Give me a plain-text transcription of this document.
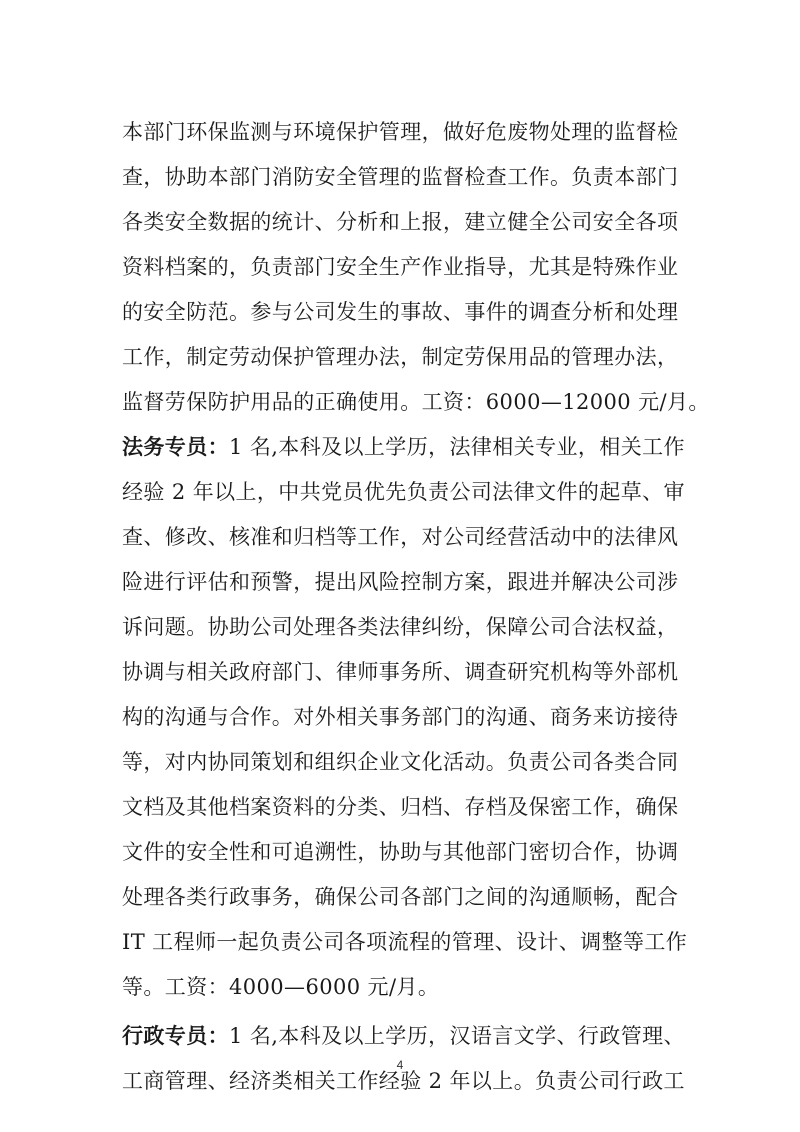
本部门环保监测与环境保护管理，做好危废物处理的监督检
查，协助本部门消防安全管理的监督检查工作。负责本部门
各类安全数据的统计、分析和上报，建立健全公司安全各项
资料档案的，负责部门安全生产作业指导，尤其是特殊作业
的安全防范。参与公司发生的事故、事件的调查分析和处理
工作，制定劳动保护管理办法，制定劳保用品的管理办法，
监督劳保防护用品的正确使用。工资：6000—12000 元/月。
法务专员：1 名,本科及以上学历，法律相关专业，相关工作
经验 2 年以上，中共党员优先负责公司法律文件的起草、审
查、修改、核准和归档等工作，对公司经营活动中的法律风
险进行评估和预警，提出风险控制方案，跟进并解决公司涉
诉问题。协助公司处理各类法律纠纷，保障公司合法权益，
协调与相关政府部门、律师事务所、调查研究机构等外部机
构的沟通与合作。对外相关事务部门的沟通、商务来访接待
等，对内协同策划和组织企业文化活动。负责公司各类合同
文档及其他档案资料的分类、归档、存档及保密工作，确保
文件的安全性和可追溯性，协助与其他部门密切合作，协调
处理各类行政事务，确保公司各部门之间的沟通顺畅，配合
IT 工程师一起负责公司各项流程的管理、设计、调整等工作
等。工资：4000—6000 元/月。
行政专员：1 名,本科及以上学历，汉语言文学、行政管理、
工商管理、经济类相关工作经验 2 年以上。负责公司行政工
4
